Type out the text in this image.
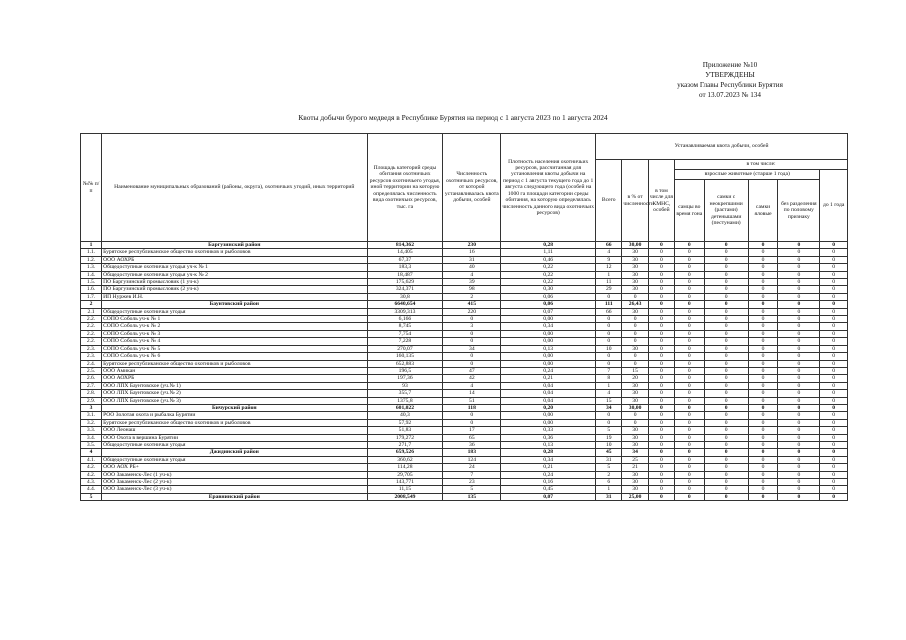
Приложение №10
УТВЕРЖДЕНЫ
указом Главы Республики Бурятия
от 13.07.2023 № 134
Квоты добычи бурого медведя в Республике Бурятия на период с 1 августа 2023 по 1 августа 2024
№№ п/п	Наименование муниципальных образований (районы, округа), охотничьих угодий, иных территорий	Площадь категорий среды обитания охотничьих ресурсов охотничьего угодья, иной территории на которую определялась численность вида охотничьих ресурсов, тыс. га	Численность охотничьих ресурсов, от которой устанавливалась квота добычи, особей	Плотность населения охотничьих ресурсов, рассчитанная для установления квоты добычи на период с 1 августа текущего года до 1 августа следующего года (особей на 1000 га площади категории среды обитания, на которую определялась численность данного вида охотничьих ресурсов)	Устанавливаемая квота добычи, особей							
					Всего	в % от численности	в том числе для КМНС, особей	в том числе:				
								взрослые животные (старше 1 года)				до 1 года
								самцы во время гона	самки с неокрепшими (растами) детенышами (пестунами)	самки яловые	без разделения по половому признаку	
1	Баргузинский район	814,362	230	0,28	66	30,00	0	0	0	0	0	0
1.1.	Бурятское республиканское общество охотников и рыболовов	14,405	16	1,11	4	30	0	0	0	0	0	0
1.2.	ООО АОХРБ	67,37	31	0,46	9	30	0	0	0	0	0	0
1.3.	Общедоступные охотничьи угодья уч-к № 1	183,3	40	0,22	12	30	0	0	0	0	0	0
1.4.	Общедоступные охотничьи угодья уч-к № 2	18,487	4	0,22	1	30	0	0	0	0	0	0
1.5.	ПО Баргузинский промысловик (1 уч-к)	175,629	39	0,22	11	30	0	0	0	0	0	0
1.6.	ПО Баргузинский промысловик (2 уч-к)	324,371	98	0,30	29	30	0	0	0	0	0	0
1.7.	ИП Нуржев И.Н.	30,8	2	0,06	0	0	0	0	0	0	0	0
2	Баунтовский район	6640,654	415	0,06	111	26,43	0	0	0	0	0	0
2.1	Общедоступные охотничьи угодья	3309,313	220	0,07	66	30	0	0	0	0	0	0
2.2.	СОПО Соболь уч-к № 1	6,166	0	0,00	0	0	0	0	0	0	0	0
2.2.	СОПО Соболь уч-к № 2	8,745	3	0,34	0	0	0	0	0	0	0	0
2.2.	СОПО Соболь уч-к № 3	7,754	0	0,00	0	0	0	0	0	0	0	0
2.2.	СОПО Соболь уч-к № 4	7,228	0	0,00	0	0	0	0	0	0	0	0
2.3.	СОПО Соболь уч-к № 5	270,07	34	0,13	10	30	0	0	0	0	0	0
2.3.	СОПО Соболь уч-к № 6	160,135	0	0,00	0	0	0	0	0	0	0	0
2.4.	Бурятское республиканское общество охотников и рыболовов	652,883	0	0,00	0	0	0	0	0	0	0	0
2.5.	ООО Амикан	196,5	47	0,24	7	15	0	0	0	0	0	0
2.6.	ООО АОХРБ	197,36	42	0,21	8	20	0	0	0	0	0	0
2.7.	ООО ЛПХ Баунтовское (уч.№ 1)	93	4	0,04	1	30	0	0	0	0	0	0
2.8.	ООО ЛПХ Баунтовское (уч.№ 2)	355,7	14	0,04	4	30	0	0	0	0	0	0
2.9.	ООО ЛПХ Баунтовское (уч.№ 3)	1375,8	51	0,04	15	30	0	0	0	0	0	0
3	Бичурский район	601,022	118	0,20	34	30,00	0	0	0	0	0	0
3.1.	РОО Золотая охота и рыбалка Бурятии	40,3	0	0,00	0	0	0	0	0	0	0	0
3.2.	Бурятское республиканское общество охотников и рыболовов	57,92	0	0,00	0	0	0	0	0	0	0	0
3.3.	ООО Леонаш	51,83	17	0,33	5	30	0	0	0	0	0	0
3.4.	ООО Охота в вершина Бурятии	179,272	65	0,36	19	30	0	0	0	0	0	0
3.5.	Общедоступные охотничьи угодья	271,7	36	0,13	10	30	0	0	0	0	0	0
4	Джидинский район	659,526	183	0,28	45	34	0	0	0	0	0	0
4.1.	Общедоступные охотничьи угодья	360,62	124	0,34	31	25	0	0	0	0	0	0
4.2.	ООО АОХ РБ+	114,28	24	0,21	5	21	0	0	0	0	0	0
4.2.	ООО Закаменск-Лес (1 уч-к)	29,705	7	0,24	2	30	0	0	0	0	0	0
4.3.	ООО Закаменск-Лес (2 уч-к)	143,771	23	0,16	6	30	0	0	0	0	0	0
4.4.	ООО Закаменск-Лес (3 уч-к)	11,15	5	0,45	1	30	0	0	0	0	0	0
5	Еравнинский район	2008,549	135	0,07	31	25,00	0	0	0	0	0	0
